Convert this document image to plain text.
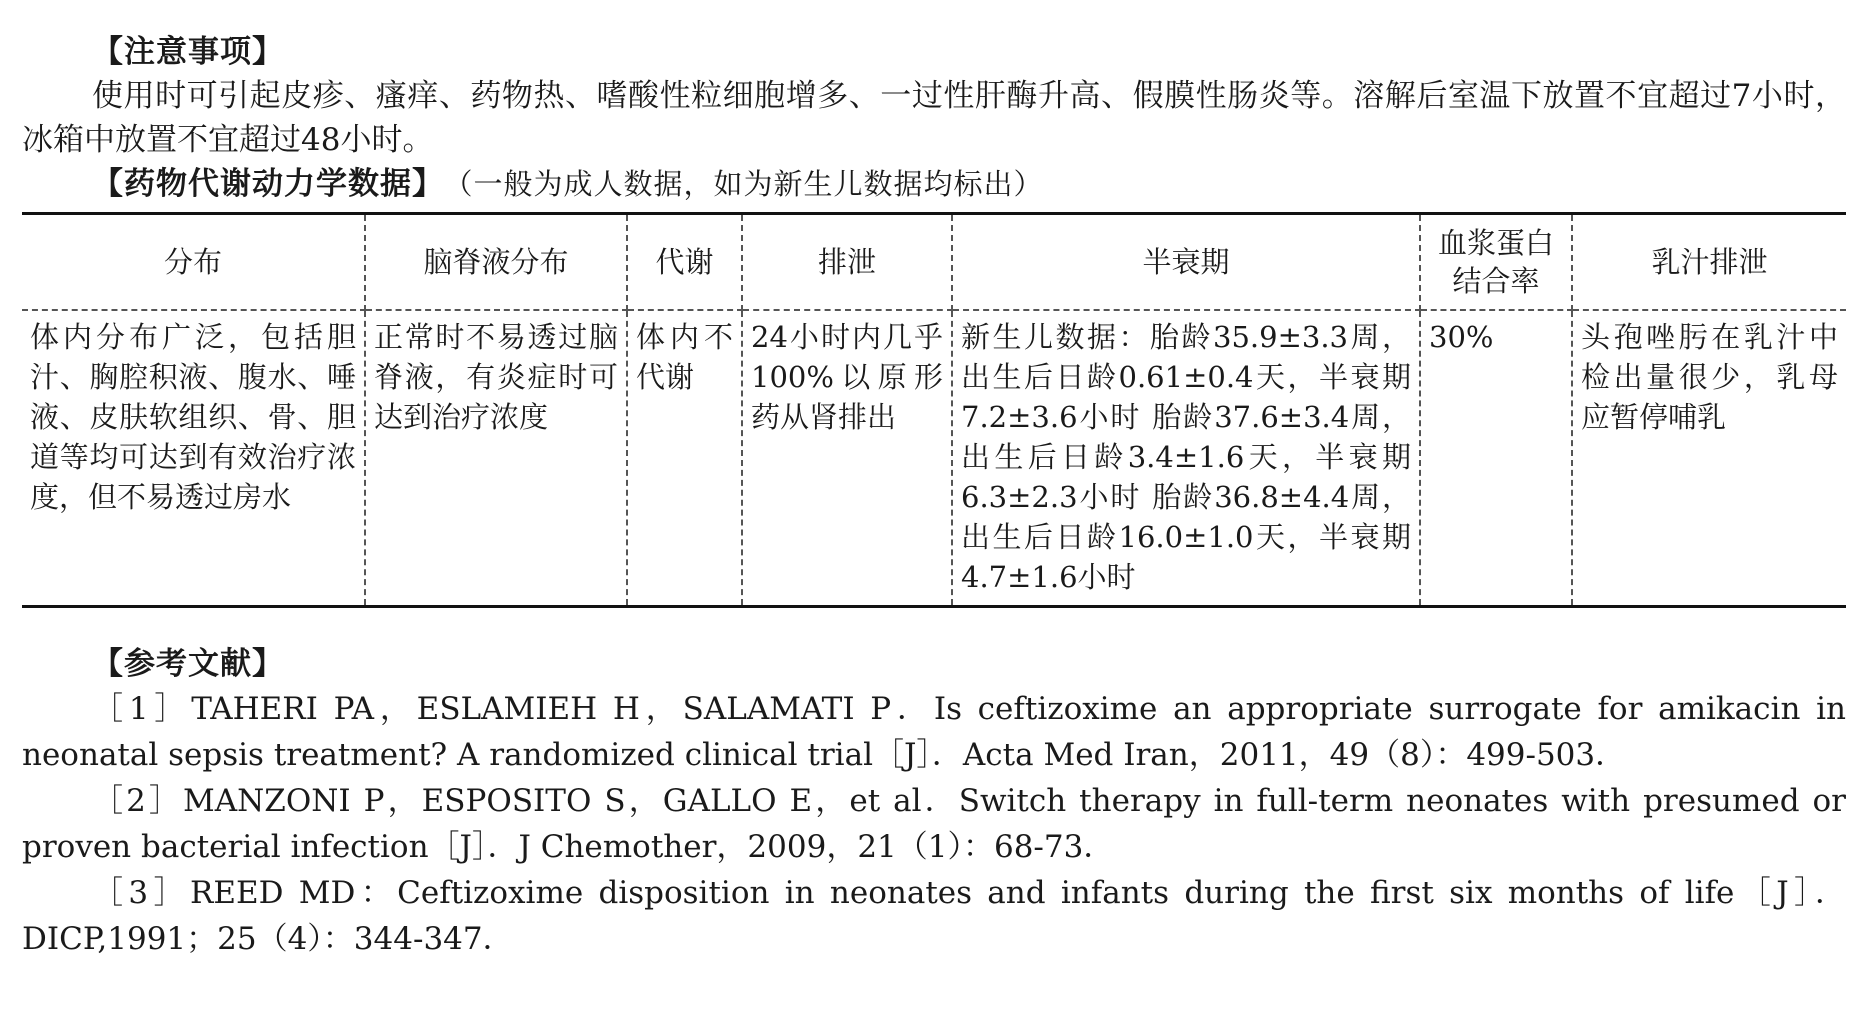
【注意事项】

使用时可引起皮疹、瘙痒、药物热、嗜酸性粒细胞增多、一过性肝酶升高、假膜性肠炎等。溶解后室温下放置不宜超过7小时，冰箱中放置不宜超过48小时。

【药物代谢动力学数据】 （一般为成人数据，如为新生儿数据均标出）
分布	脑脊液分布	代谢	排泄	半衰期	血浆蛋白结合率	乳汁排泄
体内分布广泛，包括胆汁、胸腔积液、腹水、唾液、皮肤软组织、骨、胆道等均可达到有效治疗浓度，但不易透过房水	正常时不易透过脑脊液，有炎症时可达到治疗浓度	体内不代谢	24小时内几乎100%以原形药从肾排出	新生儿数据：胎龄35.9±3.3周，出生后日龄0.61±0.4天，半衰期7.2±3.6小时 胎龄37.6±3.4周，出生后日龄3.4±1.6天，半衰期6.3±2.3小时 胎龄36.8±4.4周，出生后日龄16.0±1.0天，半衰期4.7±1.6小时	30%	头孢唑肟在乳汁中检出量很少，乳母应暂停哺乳
【参考文献】

［1］TAHERI PA，ESLAMIEH H，SALAMATI P．Is ceftizoxime an appropriate surrogate for amikacin in neonatal sepsis treatment? A randomized clinical trial［J］．Acta Med Iran，2011，49（8）：499-503．

［2］MANZONI P，ESPOSITO S，GALLO E，et al．Switch therapy in full-term neonates with presumed or proven bacterial infection［J］．J Chemother，2009，21（1）：68-73．

［3］REED MD：Ceftizoxime disposition in neonates and infants during the first six months of life［J］．DICP,1991；25（4）：344-347．
